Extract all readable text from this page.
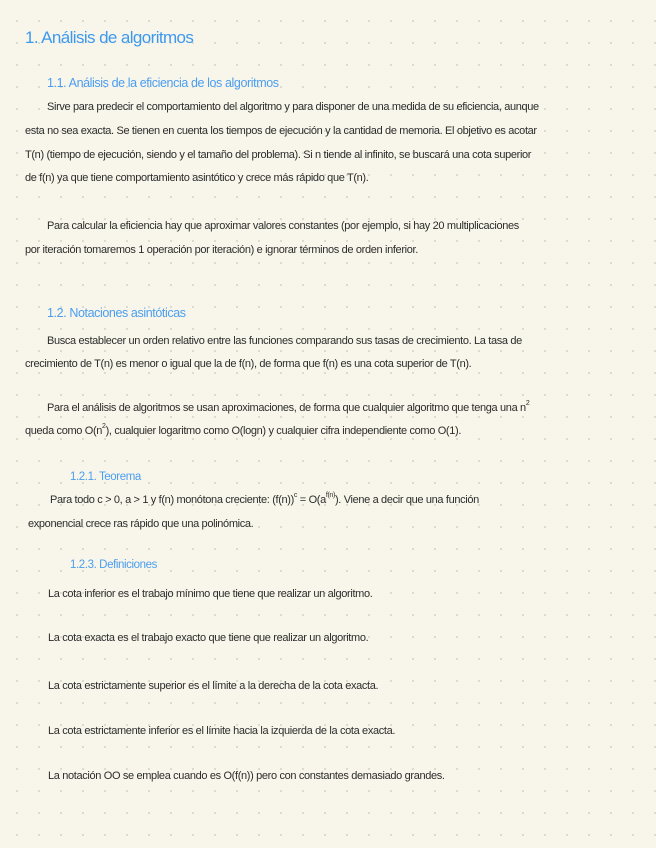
1. Análisis de algoritmos
1.1. Análisis de la eficiencia de los algoritmos
Sirve para predecir el comportamiento del algoritmo y para disponer de una medida de su eficiencia, aunque
esta no sea exacta. Se tienen en cuenta los tiempos de ejecución y la cantidad de memoria. El objetivo es acotar
T(n) (tiempo de ejecución, siendo y el tamaño del problema). Si n tiende al infinito, se buscará una cota superior
de f(n) ya que tiene comportamiento asintótico y crece más rápido que T(n).
Para calcular la eficiencia hay que aproximar valores constantes (por ejemplo, si hay 20 multiplicaciones
por iteración tomaremos 1 operación por iteración) e ignorar términos de orden inferior.
1.2. Notaciones asintóticas
Busca establecer un orden relativo entre las funciones comparando sus tasas de crecimiento. La tasa de
crecimiento de T(n) es menor o igual que la de f(n), de forma que f(n) es una cota superior de T(n).
Para el análisis de algoritmos se usan aproximaciones, de forma que cualquier algoritmo que tenga una $n^2$
queda como $O(n^2)$, cualquier logaritmo como O(logn) y cualquier cifra independiente como O(1).
1.2.1. Teorema
Para todo c > 0, a > 1 y f(n) monótona creciente: $(f(n))^c = O(a^{f(n)})$. Viene a decir que una función
exponencial crece ras rápido que una polinómica.
1.2.3. Definiciones
La cota inferior es el trabajo mínimo que tiene que realizar un algoritmo.
La cota exacta es el trabajo exacto que tiene que realizar un algoritmo.
La cota estrictamente superior es el límite a la derecha de la cota exacta.
La cota estrictamente inferior es el límite hacia la izquierda de la cota exacta.
La notación OO se emplea cuando es O(f(n)) pero con constantes demasiado grandes.
